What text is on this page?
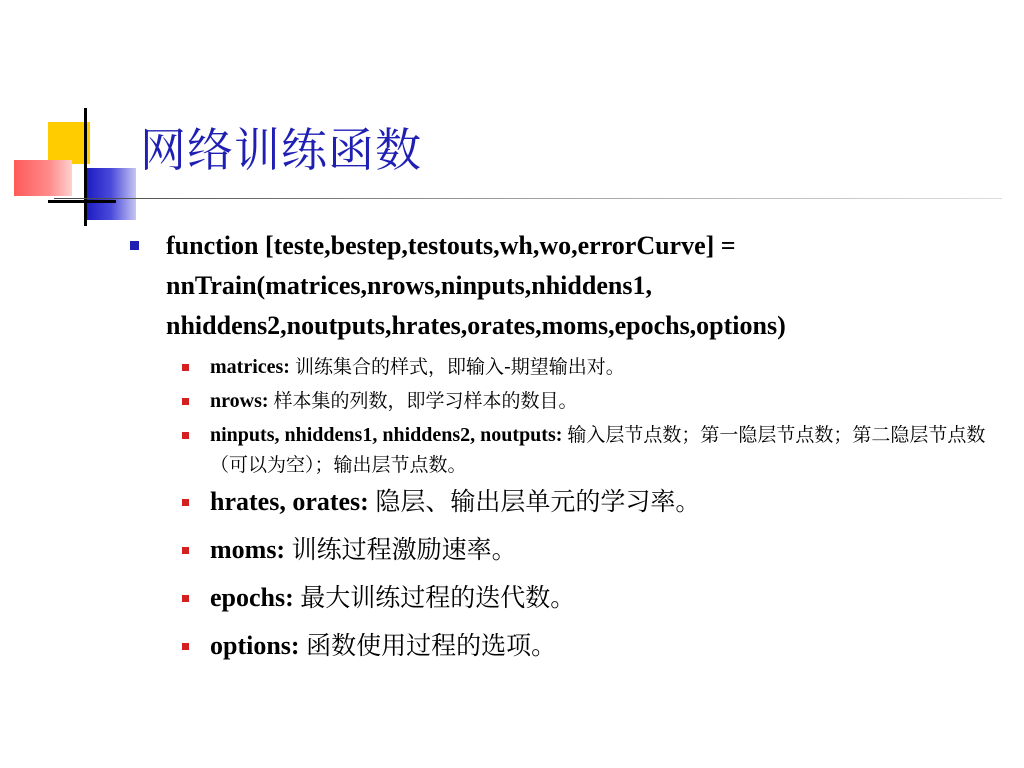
网络训练函数
function [teste,bestep,testouts,wh,wo,errorCurve] =
nnTrain(matrices,nrows,ninputs,nhiddens1,
nhiddens2,noutputs,hrates,orates,moms,epochs,options)
matrices: 训练集合的样式，即输入-期望输出对。
nrows: 样本集的列数，即学习样本的数目。
ninputs, nhiddens1, nhiddens2, noutputs: 输入层节点数；第一隐层节点数；第二隐层节点数（可以为空）；输出层节点数。
hrates, orates: 隐层、输出层单元的学习率。
moms: 训练过程激励速率。
epochs: 最大训练过程的迭代数。
options: 函数使用过程的选项。
